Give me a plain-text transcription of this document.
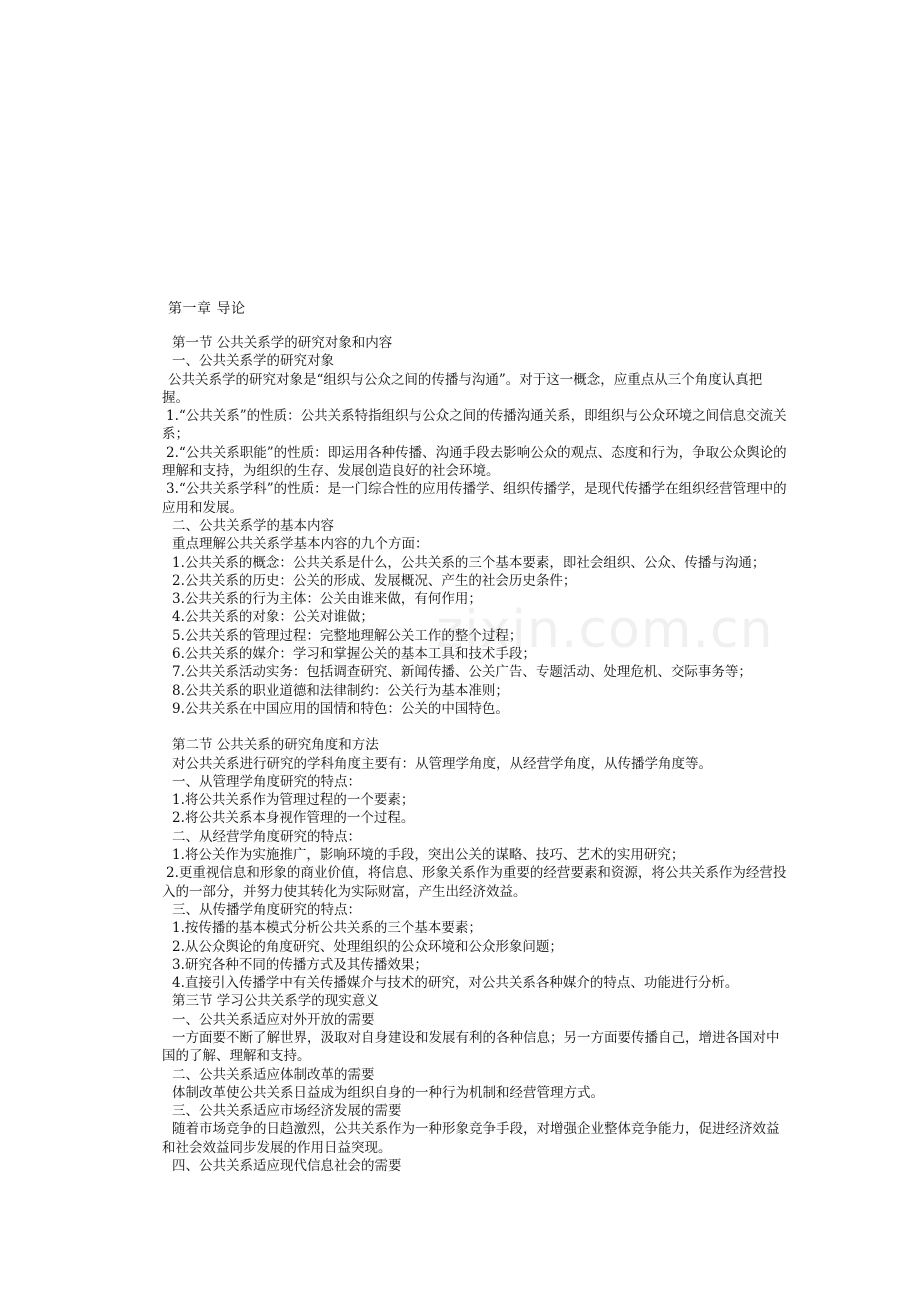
zixin.com.cn
第一章 导论

第一节 公共关系学的研究对象和内容

一、公共关系学的研究对象

公共关系学的研究对象是“组织与公众之间的传播与沟通”。对于这一概念，应重点从三个角度认真把握。

1.“公共关系”的性质：公共关系特指组织与公众之间的传播沟通关系，即组织与公众环境之间信息交流关系；

2.“公共关系职能”的性质：即运用各种传播、沟通手段去影响公众的观点、态度和行为，争取公众舆论的理解和支持，为组织的生存、发展创造良好的社会环境。

3.“公共关系学科”的性质：是一门综合性的应用传播学、组织传播学，是现代传播学在组织经营管理中的应用和发展。

二、公共关系学的基本内容

重点理解公共关系学基本内容的九个方面：

1.公共关系的概念：公共关系是什么，公共关系的三个基本要素，即社会组织、公众、传播与沟通；

2.公共关系的历史：公关的形成、发展概况、产生的社会历史条件；

3.公共关系的行为主体：公关由谁来做，有何作用；

4.公共关系的对象：公关对谁做；

5.公共关系的管理过程：完整地理解公关工作的整个过程；

6.公共关系的媒介：学习和掌握公关的基本工具和技术手段；

7.公共关系活动实务：包括调查研究、新闻传播、公关广告、专题活动、处理危机、交际事务等；

8.公共关系的职业道德和法律制约：公关行为基本准则；

9.公共关系在中国应用的国情和特色：公关的中国特色。

第二节 公共关系的研究角度和方法

对公共关系进行研究的学科角度主要有：从管理学角度，从经营学角度，从传播学角度等。

一、从管理学角度研究的特点：

1.将公共关系作为管理过程的一个要素；

2.将公共关系本身视作管理的一个过程。

二、从经营学角度研究的特点：

1.将公关作为实施推广，影响环境的手段，突出公关的谋略、技巧、艺术的实用研究；

2.更重视信息和形象的商业价值，将信息、形象关系作为重要的经营要素和资源，将公共关系作为经营投入的一部分，并努力使其转化为实际财富，产生出经济效益。

三、从传播学角度研究的特点：

1.按传播的基本模式分析公共关系的三个基本要素；

2.从公众舆论的角度研究、处理组织的公众环境和公众形象问题；

3.研究各种不同的传播方式及其传播效果；

4.直接引入传播学中有关传播媒介与技术的研究，对公共关系各种媒介的特点、功能进行分析。

第三节 学习公共关系学的现实意义

一、公共关系适应对外开放的需要

一方面要不断了解世界，汲取对自身建设和发展有利的各种信息；另一方面要传播自己，增进各国对中国的了解、理解和支持。

二、公共关系适应体制改革的需要

体制改革使公共关系日益成为组织自身的一种行为机制和经营管理方式。

三、公共关系适应市场经济发展的需要

随着市场竞争的日趋激烈，公共关系作为一种形象竞争手段，对增强企业整体竞争能力，促进经济效益和社会效益同步发展的作用日益突现。

四、公共关系适应现代信息社会的需要
